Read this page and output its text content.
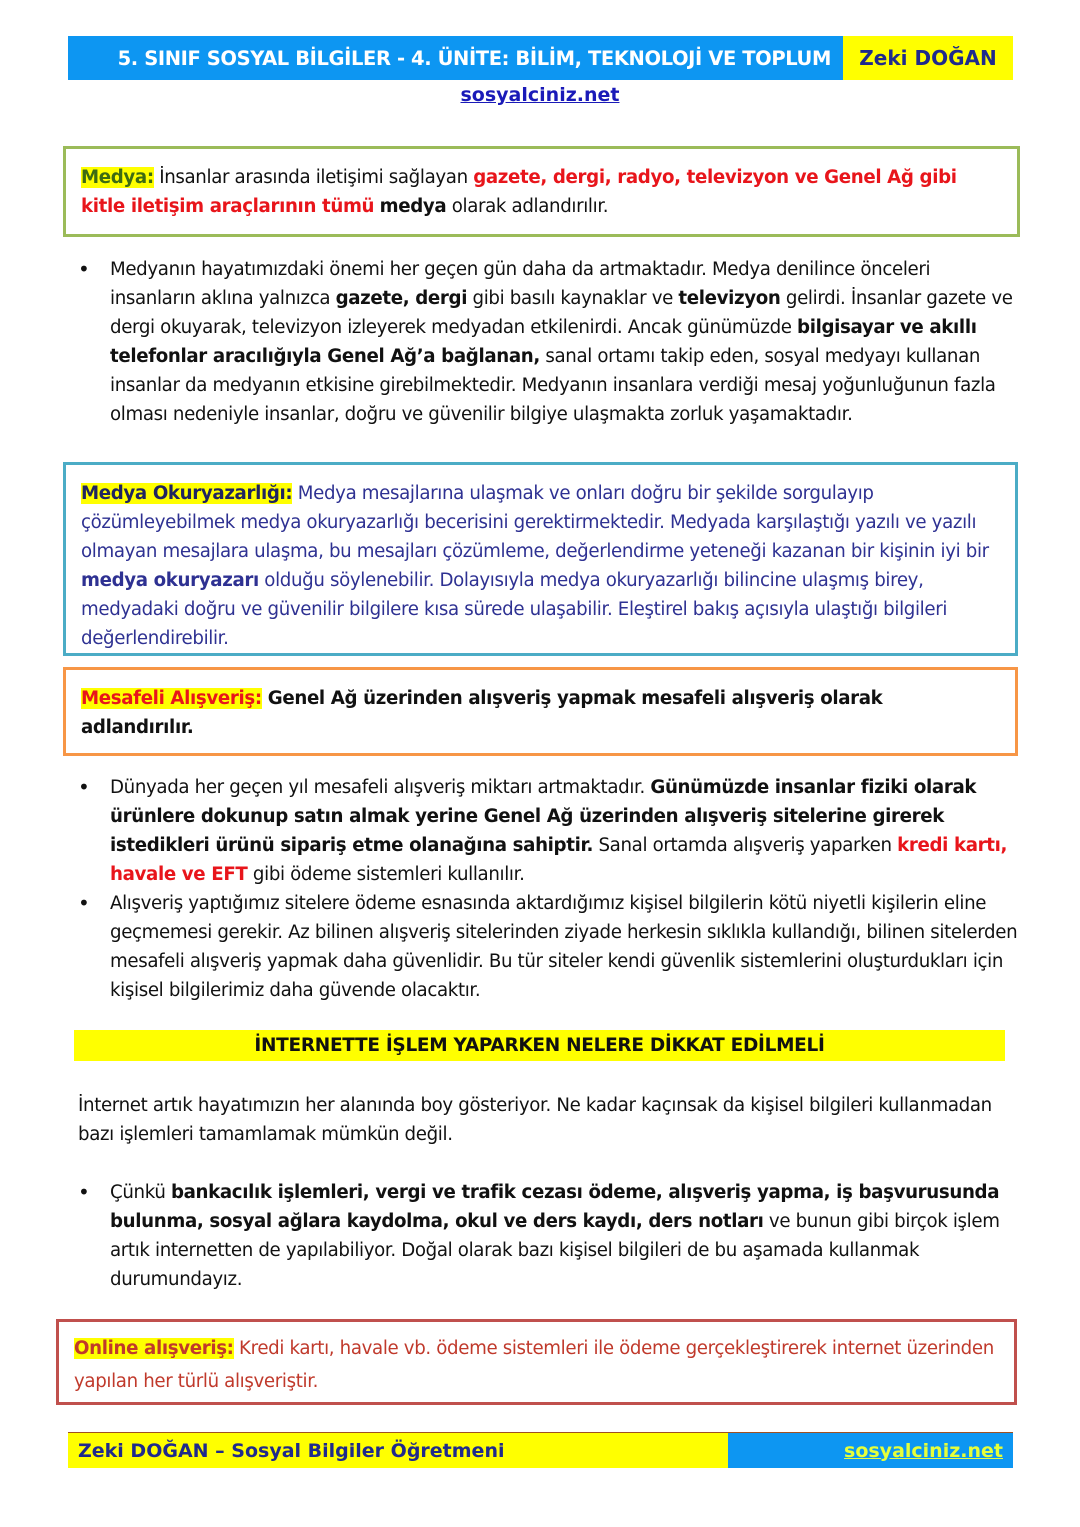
5. SINIF SOSYAL BİLGİLER - 4. ÜNİTE: BİLİM, TEKNOLOJİ VE TOPLUM	Zeki DOĞAN
sosyalciniz.net
Medya: İnsanlar arasında iletişimi sağlayan gazete, dergi, radyo, televizyon ve Genel Ağ gibi kitle iletişim araçlarının tümü medya olarak adlandırılır.
• Medyanın hayatımızdaki önemi her geçen gün daha da artmaktadır. Medya denilince önceleri insanların aklına yalnızca gazete, dergi gibi basılı kaynaklar ve televizyon gelirdi. İnsanlar gazete ve dergi okuyarak, televizyon izleyerek medyadan etkilenirdi. Ancak günümüzde bilgisayar ve akıllı telefonlar aracılığıyla Genel Ağ’a bağlanan, sanal ortamı takip eden, sosyal medyayı kullanan insanlar da medyanın etkisine girebilmektedir. Medyanın insanlara verdiği mesaj yoğunluğunun fazla olması nedeniyle insanlar, doğru ve güvenilir bilgiye ulaşmakta zorluk yaşamaktadır.
Medya Okuryazarlığı: Medya mesajlarına ulaşmak ve onları doğru bir şekilde sorgulayıp çözümleyebilmek medya okuryazarlığı becerisini gerektirmektedir. Medyada karşılaştığı yazılı ve yazılı olmayan mesajlara ulaşma, bu mesajları çözümleme, değerlendirme yeteneği kazanan bir kişinin iyi bir medya okuryazarı olduğu söylenebilir. Dolayısıyla medya okuryazarlığı bilincine ulaşmış birey, medyadaki doğru ve güvenilir bilgilere kısa sürede ulaşabilir. Eleştirel bakış açısıyla ulaştığı bilgileri değerlendirebilir.
Mesafeli Alışveriş: Genel Ağ üzerinden alışveriş yapmak mesafeli alışveriş olarak adlandırılır.
• Dünyada her geçen yıl mesafeli alışveriş miktarı artmaktadır. Günümüzde insanlar fiziki olarak ürünlere dokunup satın almak yerine Genel Ağ üzerinden alışveriş sitelerine girerek istedikleri ürünü sipariş etme olanağına sahiptir. Sanal ortamda alışveriş yaparken kredi kartı, havale ve EFT gibi ödeme sistemleri kullanılır.
• Alışveriş yaptığımız sitelere ödeme esnasında aktardığımız kişisel bilgilerin kötü niyetli kişilerin eline geçmemesi gerekir. Az bilinen alışveriş sitelerinden ziyade herkesin sıklıkla kullandığı, bilinen sitelerden mesafeli alışveriş yapmak daha güvenlidir. Bu tür siteler kendi güvenlik sistemlerini oluşturdukları için kişisel bilgilerimiz daha güvende olacaktır.
İNTERNETTE İŞLEM YAPARKEN NELERE DİKKAT EDİLMELİ
İnternet artık hayatımızın her alanında boy gösteriyor. Ne kadar kaçınsak da kişisel bilgileri kullanmadan bazı işlemleri tamamlamak mümkün değil.
• Çünkü bankacılık işlemleri, vergi ve trafik cezası ödeme, alışveriş yapma, iş başvurusunda bulunma, sosyal ağlara kaydolma, okul ve ders kaydı, ders notları ve bunun gibi birçok işlem artık internetten de yapılabiliyor. Doğal olarak bazı kişisel bilgileri de bu aşamada kullanmak durumundayız.
Online alışveriş: Kredi kartı, havale vb. ödeme sistemleri ile ödeme gerçekleştirerek internet üzerinden yapılan her türlü alışveriştir.
Zeki DOĞAN – Sosyal Bilgiler Öğretmeni	sosyalciniz.net
